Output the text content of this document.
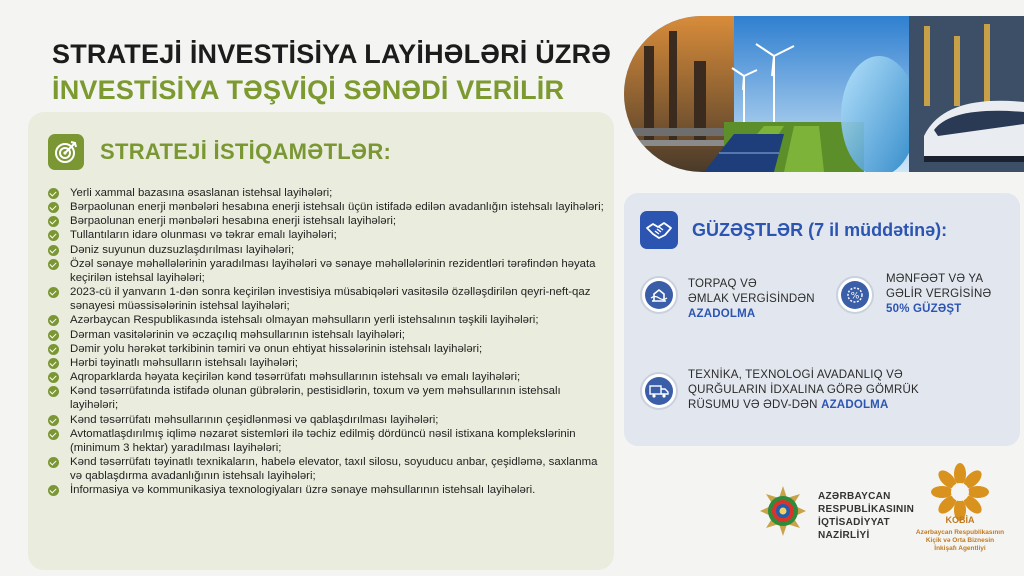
STRATEJİ İNVESTİSİYA LAYİHƏLƏRİ ÜZRƏ
İNVESTİSİYA TƏŞVİQİ SƏNƏDİ VERİLİR
STRATEJİ İSTİQAMƏTLƏR:
Yerli xammal bazasına əsaslanan istehsal layihələri;
Bərpaolunan enerji mənbələri hesabına enerji istehsalı üçün istifadə edilən avadanlığın istehsalı layihələri;
Bərpaolunan enerji mənbələri hesabına enerji istehsalı layihələri;
Tullantıların idarə olunması və təkrar emalı layihələri;
Dəniz suyunun duzsuzlaşdırılması layihələri;
Özəl sənaye məhəllələrinin yaradılması layihələri və sənaye məhəllələrinin rezidentləri tərəfindən həyata keçirilən istehsal layihələri;
2023-cü il yanvarın 1-dən sonra keçirilən investisiya müsabiqələri vasitəsilə özəlləşdirilən qeyri-neft-qaz sənayesi müəssisələrinin istehsal layihələri;
Azərbaycan Respublikasında istehsalı olmayan məhsulların yerli istehsalının təşkili layihələri;
Dərman vasitələrinin və əczaçılıq məhsullarının istehsalı layihələri;
Dəmir yolu hərəkət tərkibinin təmiri və onun ehtiyat hissələrinin istehsalı layihələri;
Hərbi təyinatlı məhsulların istehsalı layihələri;
Aqroparklarda həyata keçirilən kənd təsərrüfatı məhsullarının istehsalı və emalı layihələri;
Kənd təsərrüfatında istifadə olunan gübrələrin, pestisidlərin, toxum və yem məhsullarının istehsalı layihələri;
Kənd təsərrüfatı məhsullarının çeşidlənməsi və qablaşdırılması layihələri;
Avtomatlaşdırılmış iqlimə nəzarət sistemləri ilə təchiz edilmiş dördüncü nəsil istixana komplekslərinin (minimum 3 hektar) yaradılması layihələri;
Kənd təsərrüfatı təyinatlı texnikaların, habelə elevator, taxıl silosu, soyuducu anbar, çeşidləmə, saxlanma və qablaşdırma avadanlığının istehsalı layihələri;
İnformasiya və kommunikasiya texnologiyaları üzrə sənaye məhsullarının istehsalı layihələri.
GÜZƏŞTLƏR (7 il müddətinə):
TORPAQ VƏ
ƏMLAK VERGİSİNDƏN
AZADOLMA
%
MƏNFƏƏT VƏ YA
GƏLİR VERGİSİNƏ
50% GÜZƏŞT
TEXNİKA, TEXNOLOGİ AVADANLIQ VƏ
QURĞULARIN İDXALINA GÖRƏ GÖMRÜK
RÜSUMU VƏ ƏDV-DƏN AZADOLMA
AZƏRBAYCAN
RESPUBLİKASININ
İQTİSADİYYAT
NAZİRLİYİ
KOBİA
Azərbaycan Respublikasının
Kiçik və Orta Biznesin
İnkişafı Agentliyi
